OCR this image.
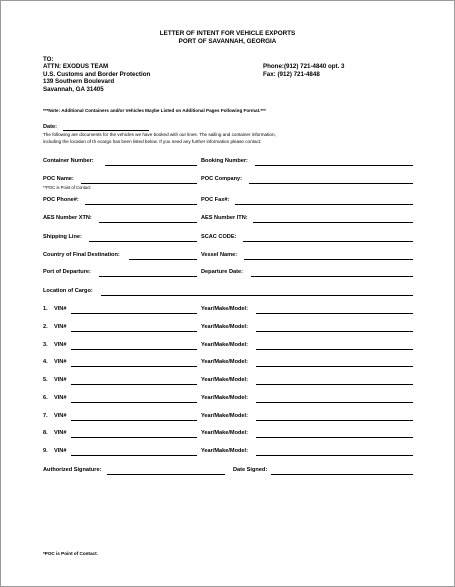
LETTER OF INTENT FOR VEHICLE EXPORTS
PORT OF SAVANNAH, GEORGIA
TO:
ATTN: EXODUS TEAM
U.S. Customs and Border Protection
139 Southern Boulevard
Savannah, GA 31405
Phone:(912) 721-4840 opt. 3
Fax: (912) 721-4848
***Note: Additional Containers and/or Vehicles Maybe Listed on Additional Pages Following Format.***
Date:
The following are documents for the vehicles we have booked with our lines. The sailing and container information,
including the location of th ecargo has been listed below. If you need any further information please contact:
Container Number:	Booking Number:
POC Name:	POC Company:
**POC is Point of Contact
POC Phone#:	POC Fax#:
AES Number XTN:	AES Number ITN:
Shipping Line:	SCAC CODE:
Country of Final Destination:	Vessel Name:
Port of Departure:	Departure Date:
Location of Cargo:
1. VIN#	Year/Make/Model:
2. VIN#	Year/Make/Model:
3. VIN#	Year/Make/Model:
4. VIN#	Year/Make/Model:
5. VIN#	Year/Make/Model:
6. VIN#	Year/Make/Model:
7. VIN#	Year/Make/Model:
8. VIN#	Year/Make/Model:
9. VIN#	Year/Make/Model:
Authorized Signature:	Date Signed:
*POC is Point of Contact.
